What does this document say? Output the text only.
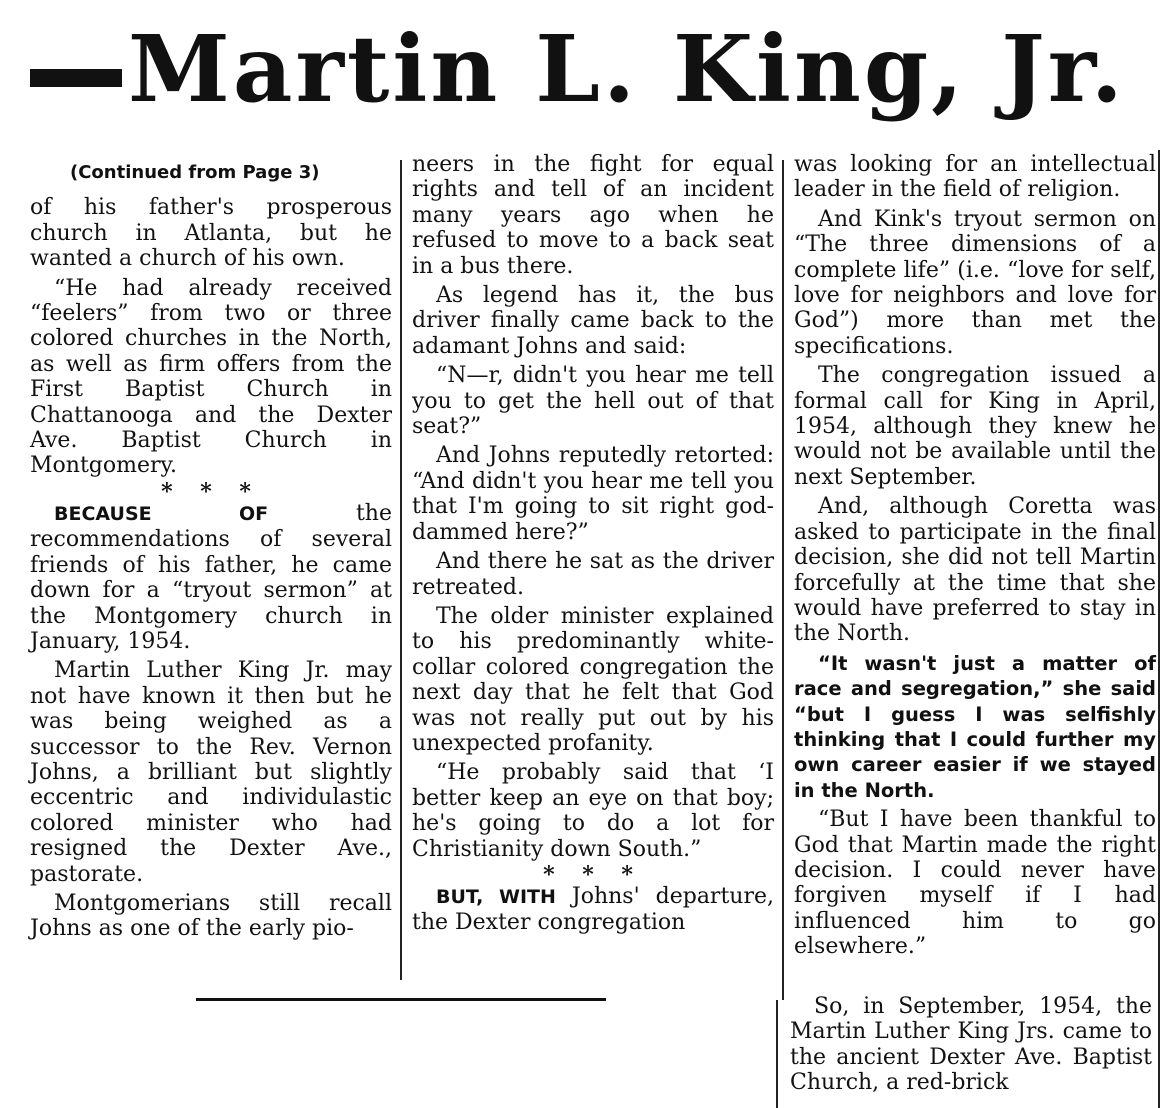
Martin L. King, Jr.

(Continued from Page 3)

of his father's prosperous church in Atlanta, but he wanted a church of his own.

“He had already received “feelers” from two or three colored churches in the North, as well as firm offers from the First Baptist Church in Chattanooga and the Dexter Ave. Baptist Church in Montgomery.

* * *

BECAUSE OF the recommendations of several friends of his father, he came down for a “tryout sermon” at the Montgomery church in January, 1954.

Martin Luther King Jr. may not have known it then but he was being weighed as a successor to the Rev. Vernon Johns, a brilliant but slightly eccentric and individulastic colored minister who had resigned the Dexter Ave., pastorate.

Montgomerians still recall Johns as one of the early pio-

neers in the fight for equal rights and tell of an incident many years ago when he refused to move to a back seat in a bus there.

As legend has it, the bus driver finally came back to the adamant Johns and said:

“N—r, didn't you hear me tell you to get the hell out of that seat?”

And Johns reputedly retorted: “And didn't you hear me tell you that I'm going to sit right god-dammed here?”

And there he sat as the driver retreated.

The older minister explained to his predominantly white-collar colored congregation the next day that he felt that God was not really put out by his unexpected profanity.

“He probably said that ‘I better keep an eye on that boy; he's going to do a lot for Christianity down South.”

* * *

BUT, WITH Johns' departure, the Dexter congregation

was looking for an intellectual leader in the field of religion.

And Kink's tryout sermon on “The three dimensions of a complete life” (i.e. “love for self, love for neighbors and love for God”) more than met the specifications.

The congregation issued a formal call for King in April, 1954, although they knew he would not be available until the next September.

And, although Coretta was asked to participate in the final decision, she did not tell Martin forcefully at the time that she would have preferred to stay in the North.

“It wasn't just a matter of race and segregation,” she said “but I guess I was selfishly thinking that I could further my own career easier if we stayed in the North.

“But I have been thankful to God that Martin made the right decision. I could never have forgiven myself if I had influenced him to go elsewhere.”

So, in September, 1954, the Martin Luther King Jrs. came to the ancient Dexter Ave. Baptist Church, a red-brick
